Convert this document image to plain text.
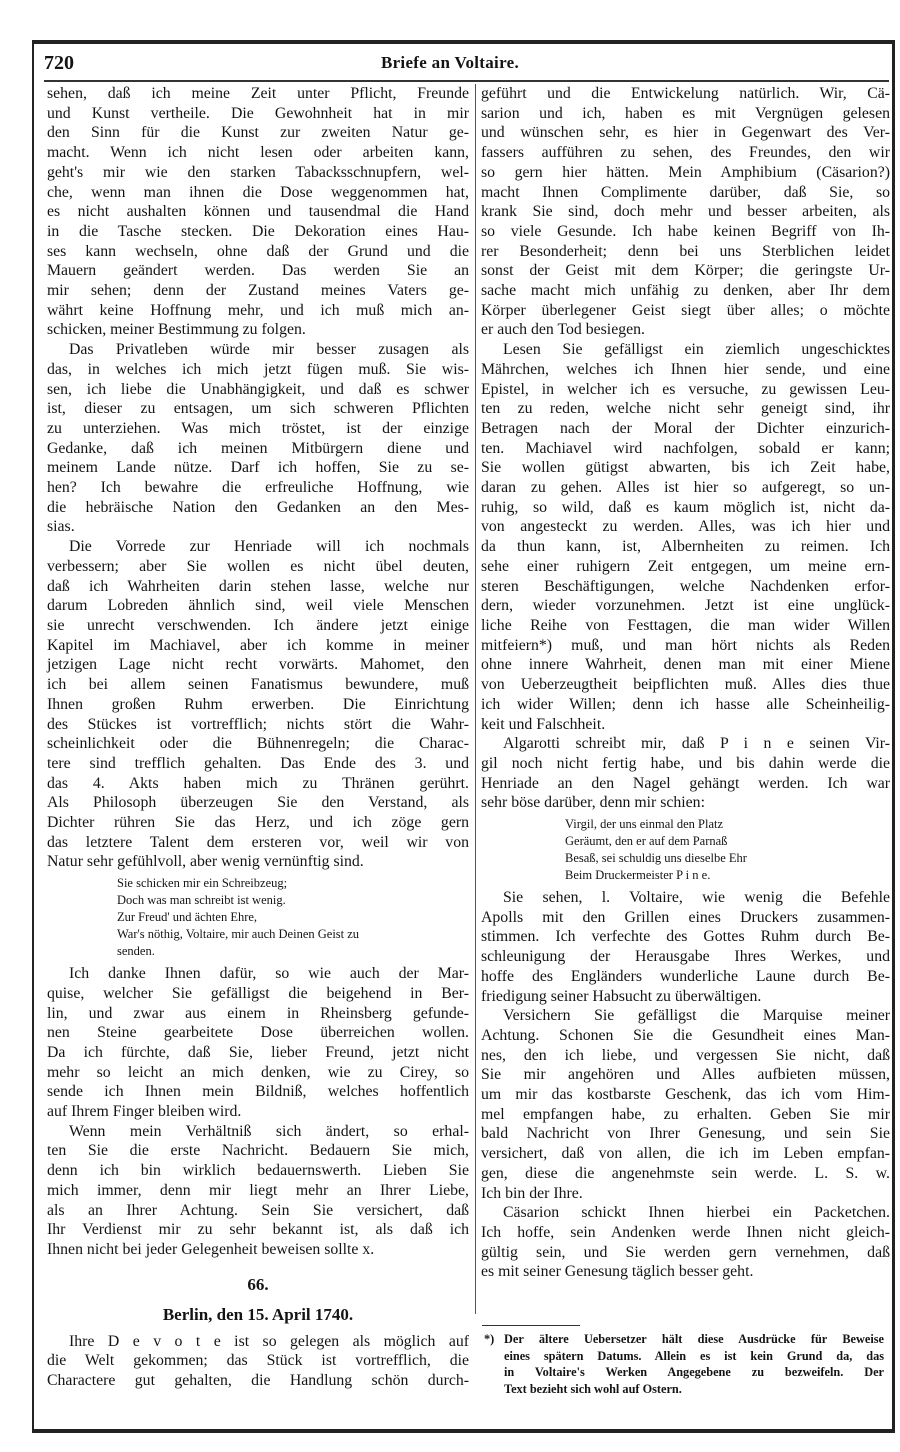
720	Briefe an Voltaire.
sehen, daß ich meine Zeit unter Pflicht, Freunde
und Kunst vertheile. Die Gewohnheit hat in mir
den Sinn für die Kunst zur zweiten Natur ge-
macht. Wenn ich nicht lesen oder arbeiten kann,
geht's mir wie den starken Tabacksschnupfern, wel-
che, wenn man ihnen die Dose weggenommen hat,
es nicht aushalten können und tausendmal die Hand
in die Tasche stecken. Die Dekoration eines Hau-
ses kann wechseln, ohne daß der Grund und die
Mauern geändert werden. Das werden Sie an
mir sehen; denn der Zustand meines Vaters ge-
währt keine Hoffnung mehr, und ich muß mich an-
schicken, meiner Bestimmung zu folgen.
Das Privatleben würde mir besser zusagen als
das, in welches ich mich jetzt fügen muß. Sie wis-
sen, ich liebe die Unabhängigkeit, und daß es schwer
ist, dieser zu entsagen, um sich schweren Pflichten
zu unterziehen. Was mich tröstet, ist der einzige
Gedanke, daß ich meinen Mitbürgern diene und
meinem Lande nütze. Darf ich hoffen, Sie zu se-
hen? Ich bewahre die erfreuliche Hoffnung, wie
die hebräische Nation den Gedanken an den Mes-
sias.
Die Vorrede zur Henriade will ich nochmals
verbessern; aber Sie wollen es nicht übel deuten,
daß ich Wahrheiten darin stehen lasse, welche nur
darum Lobreden ähnlich sind, weil viele Menschen
sie unrecht verschwenden. Ich ändere jetzt einige
Kapitel im Machiavel, aber ich komme in meiner
jetzigen Lage nicht recht vorwärts. Mahomet, den
ich bei allem seinen Fanatismus bewundere, muß
Ihnen großen Ruhm erwerben. Die Einrichtung
des Stückes ist vortrefflich; nichts stört die Wahr-
scheinlichkeit oder die Bühnenregeln; die Charac-
tere sind trefflich gehalten. Das Ende des 3. und
das 4. Akts haben mich zu Thränen gerührt.
Als Philosoph überzeugen Sie den Verstand, als
Dichter rühren Sie das Herz, und ich zöge gern
das letztere Talent dem ersteren vor, weil wir von
Natur sehr gefühlvoll, aber wenig vernünftig sind.
Sie schicken mir ein Schreibzeug;
Doch was man schreibt ist wenig.
Zur Freud' und ächten Ehre,
War's nöthig, Voltaire, mir auch Deinen Geist zu
senden.
Ich danke Ihnen dafür, so wie auch der Mar-
quise, welcher Sie gefälligst die beigehend in Ber-
lin, und zwar aus einem in Rheinsberg gefunde-
nen Steine gearbeitete Dose überreichen wollen.
Da ich fürchte, daß Sie, lieber Freund, jetzt nicht
mehr so leicht an mich denken, wie zu Cirey, so
sende ich Ihnen mein Bildniß, welches hoffentlich
auf Ihrem Finger bleiben wird.
Wenn mein Verhältniß sich ändert, so erhal-
ten Sie die erste Nachricht. Bedauern Sie mich,
denn ich bin wirklich bedauernswerth. Lieben Sie
mich immer, denn mir liegt mehr an Ihrer Liebe,
als an Ihrer Achtung. Sein Sie versichert, daß
Ihr Verdienst mir zu sehr bekannt ist, als daß ich
Ihnen nicht bei jeder Gelegenheit beweisen sollte x.
66.
Berlin, den 15. April 1740.
Ihre D e v o t e ist so gelegen als möglich auf
die Welt gekommen; das Stück ist vortrefflich, die
Charactere gut gehalten, die Handlung schön durch-
geführt und die Entwickelung natürlich. Wir, Cä-
sarion und ich, haben es mit Vergnügen gelesen
und wünschen sehr, es hier in Gegenwart des Ver-
fassers aufführen zu sehen, des Freundes, den wir
so gern hier hätten. Mein Amphibium (Cäsarion?)
macht Ihnen Complimente darüber, daß Sie, so
krank Sie sind, doch mehr und besser arbeiten, als
so viele Gesunde. Ich habe keinen Begriff von Ih-
rer Besonderheit; denn bei uns Sterblichen leidet
sonst der Geist mit dem Körper; die geringste Ur-
sache macht mich unfähig zu denken, aber Ihr dem
Körper überlegener Geist siegt über alles; o möchte
er auch den Tod besiegen.
Lesen Sie gefälligst ein ziemlich ungeschicktes
Mährchen, welches ich Ihnen hier sende, und eine
Epistel, in welcher ich es versuche, zu gewissen Leu-
ten zu reden, welche nicht sehr geneigt sind, ihr
Betragen nach der Moral der Dichter einzurich-
ten. Machiavel wird nachfolgen, sobald er kann;
Sie wollen gütigst abwarten, bis ich Zeit habe,
daran zu gehen. Alles ist hier so aufgeregt, so un-
ruhig, so wild, daß es kaum möglich ist, nicht da-
von angesteckt zu werden. Alles, was ich hier und
da thun kann, ist, Albernheiten zu reimen. Ich
sehe einer ruhigern Zeit entgegen, um meine ern-
steren Beschäftigungen, welche Nachdenken erfor-
dern, wieder vorzunehmen. Jetzt ist eine unglück-
liche Reihe von Festtagen, die man wider Willen
mitfeiern*) muß, und man hört nichts als Reden
ohne innere Wahrheit, denen man mit einer Miene
von Ueberzeugtheit beipflichten muß. Alles dies thue
ich wider Willen; denn ich hasse alle Scheinheilig-
keit und Falschheit.
Algarotti schreibt mir, daß P i n e seinen Vir-
gil noch nicht fertig habe, und bis dahin werde die
Henriade an den Nagel gehängt werden. Ich war
sehr böse darüber, denn mir schien:
Virgil, der uns einmal den Platz
Geräumt, den er auf dem Parnaß
Besaß, sei schuldig uns dieselbe Ehr
Beim Druckermeister P i n e.
Sie sehen, l. Voltaire, wie wenig die Befehle
Apolls mit den Grillen eines Druckers zusammen-
stimmen. Ich verfechte des Gottes Ruhm durch Be-
schleunigung der Herausgabe Ihres Werkes, und
hoffe des Engländers wunderliche Laune durch Be-
friedigung seiner Habsucht zu überwältigen.
Versichern Sie gefälligst die Marquise meiner
Achtung. Schonen Sie die Gesundheit eines Man-
nes, den ich liebe, und vergessen Sie nicht, daß
Sie mir angehören und Alles aufbieten müssen,
um mir das kostbarste Geschenk, das ich vom Him-
mel empfangen habe, zu erhalten. Geben Sie mir
bald Nachricht von Ihrer Genesung, und sein Sie
versichert, daß von allen, die ich im Leben empfan-
gen, diese die angenehmste sein werde. L. S. w.
Ich bin der Ihre.
Cäsarion schickt Ihnen hierbei ein Packetchen.
Ich hoffe, sein Andenken werde Ihnen nicht gleich-
gültig sein, und Sie werden gern vernehmen, daß
es mit seiner Genesung täglich besser geht.
*) Der ältere Uebersetzer hält diese Ausdrücke für Beweise
eines spätern Datums. Allein es ist kein Grund da, das
in Voltaire's Werken Angegebene zu bezweifeln. Der
Text bezieht sich wohl auf Ostern.
